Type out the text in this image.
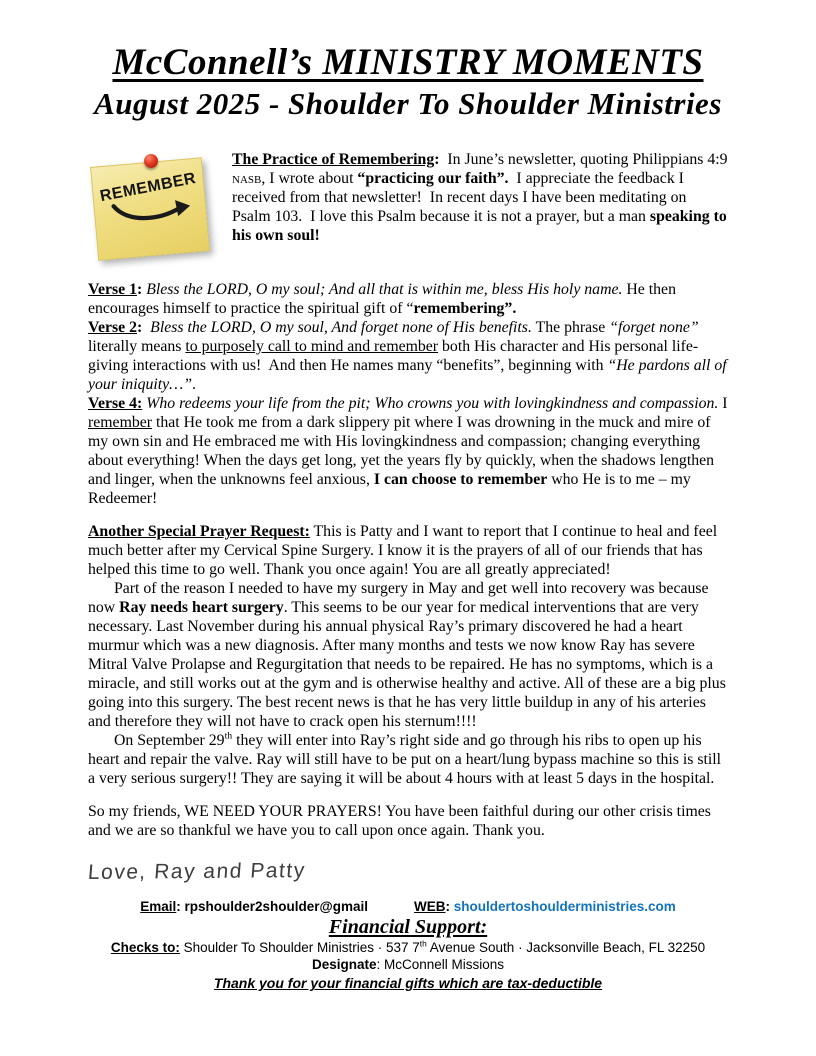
McConnell’s MINISTRY MOMENTS
August 2025 - Shoulder To Shoulder Ministries
REMEMBER

The Practice of Remembering:  In June’s newsletter, quoting Philippians 4:9 nasb, I wrote about “practicing our faith”.  I appreciate the feedback I received from that newsletter!  In recent days I have been meditating on Psalm 103.  I love this Psalm because it is not a prayer, but a man speaking to his own soul!

Verse 1: Bless the LORD, O my soul; And all that is within me, bless His holy name. He then encourages himself to practice the spiritual gift of “remembering”.

Verse 2:  Bless the LORD, O my soul, And forget none of His benefits. The phrase “forget none” literally means to purposely call to mind and remember both His character and His personal life-giving interactions with us!  And then He names many “benefits”, beginning with “He pardons all of your iniquity…”.

Verse 4: Who redeems your life from the pit; Who crowns you with lovingkindness and compassion. I remember that He took me from a dark slippery pit where I was drowning in the muck and mire of my own sin and He embraced me with His lovingkindness and compassion; changing everything about everything! When the days get long, yet the years fly by quickly, when the shadows lengthen and linger, when the unknowns feel anxious, I can choose to remember who He is to me – my Redeemer!

Another Special Prayer Request: This is Patty and I want to report that I continue to heal and feel much better after my Cervical Spine Surgery. I know it is the prayers of all of our friends that has helped this time to go well. Thank you once again! You are all greatly appreciated!

Part of the reason I needed to have my surgery in May and get well into recovery was because now Ray needs heart surgery. This seems to be our year for medical interventions that are very necessary. Last November during his annual physical Ray’s primary discovered he had a heart murmur which was a new diagnosis. After many months and tests we now know Ray has severe Mitral Valve Prolapse and Regurgitation that needs to be repaired. He has no symptoms, which is a miracle, and still works out at the gym and is otherwise healthy and active. All of these are a big plus going into this surgery. The best recent news is that he has very little buildup in any of his arteries and therefore they will not have to crack open his sternum!!!!

On September 29th they will enter into Ray’s right side and go through his ribs to open up his heart and repair the valve. Ray will still have to be put on a heart/lung bypass machine so this is still a very serious surgery!! They are saying it will be about 4 hours with at least 5 days in the hospital.

So my friends, WE NEED YOUR PRAYERS! You have been faithful during our other crisis times and we are so thankful we have you to call upon once again. Thank you.

Love, Ray and Patty
Email: rpshoulder2shoulder@gmail	WEB: shouldertoshoulderministries.com
Financial Support:
Checks to: Shoulder To Shoulder Ministries · 537 7th Avenue South · Jacksonville Beach, FL 32250
Designate: McConnell Missions
Thank you for your financial gifts which are tax-deductible
